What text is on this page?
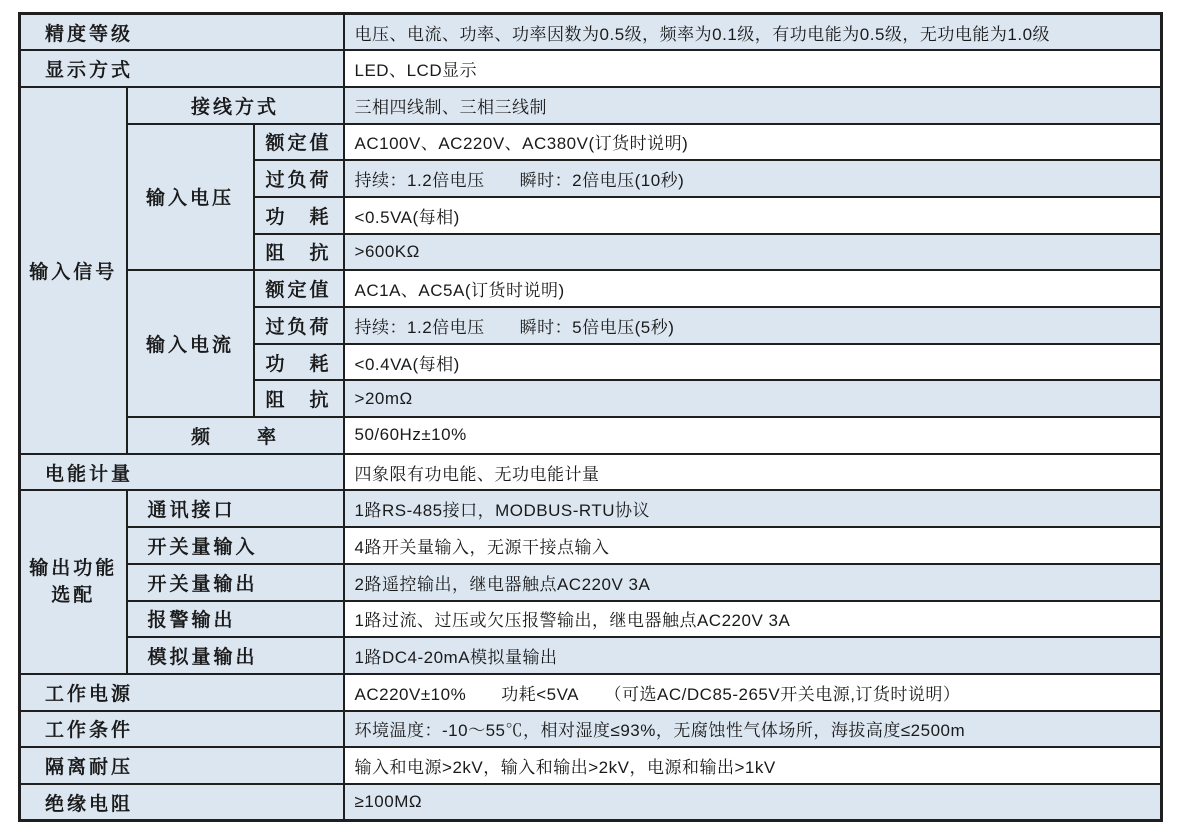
精度等级			电压、电流、功率、功率因数为0.5级，频率为0.1级，有功电能为0.5级，无功电能为1.0级
显示方式			LED、LCD显示
输入信号	接线方式		三相四线制、三相三线制
	输入电压	额定值	AC100V、AC220V、AC380V(订货时说明)
		过负荷	持续：1.2倍电压　　瞬时：2倍电压(10秒)
		功　耗	<0.5VA(每相)
		阻　抗	>600KΩ
	输入电流	额定值	AC1A、AC5A(订货时说明)
		过负荷	持续：1.2倍电压　　瞬时：5倍电压(5秒)
		功　耗	<0.4VA(每相)
		阻　抗	>20mΩ
	频　　率		50/60Hz±10%
电能计量			四象限有功电能、无功电能计量

输出功能
选配	通讯接口		1路RS-485接口，MODBUS-RTU协议
	开关量输入		4路开关量输入，无源干接点输入
	开关量输出		2路遥控输出，继电器触点AC220V 3A
	报警输出		1路过流、过压或欠压报警输出，继电器触点AC220V 3A
	模拟量输出		1路DC4-20mA模拟量输出
工作电源			AC220V±10%　　功耗<5VA　　（可选AC/DC85-265V开关电源,订货时说明）
工作条件			环境温度：-10～55℃，相对湿度≤93%，无腐蚀性气体场所，海拔高度≤2500m
隔离耐压			输入和电源>2kV，输入和输出>2kV，电源和输出>1kV
绝缘电阻			≥100MΩ
